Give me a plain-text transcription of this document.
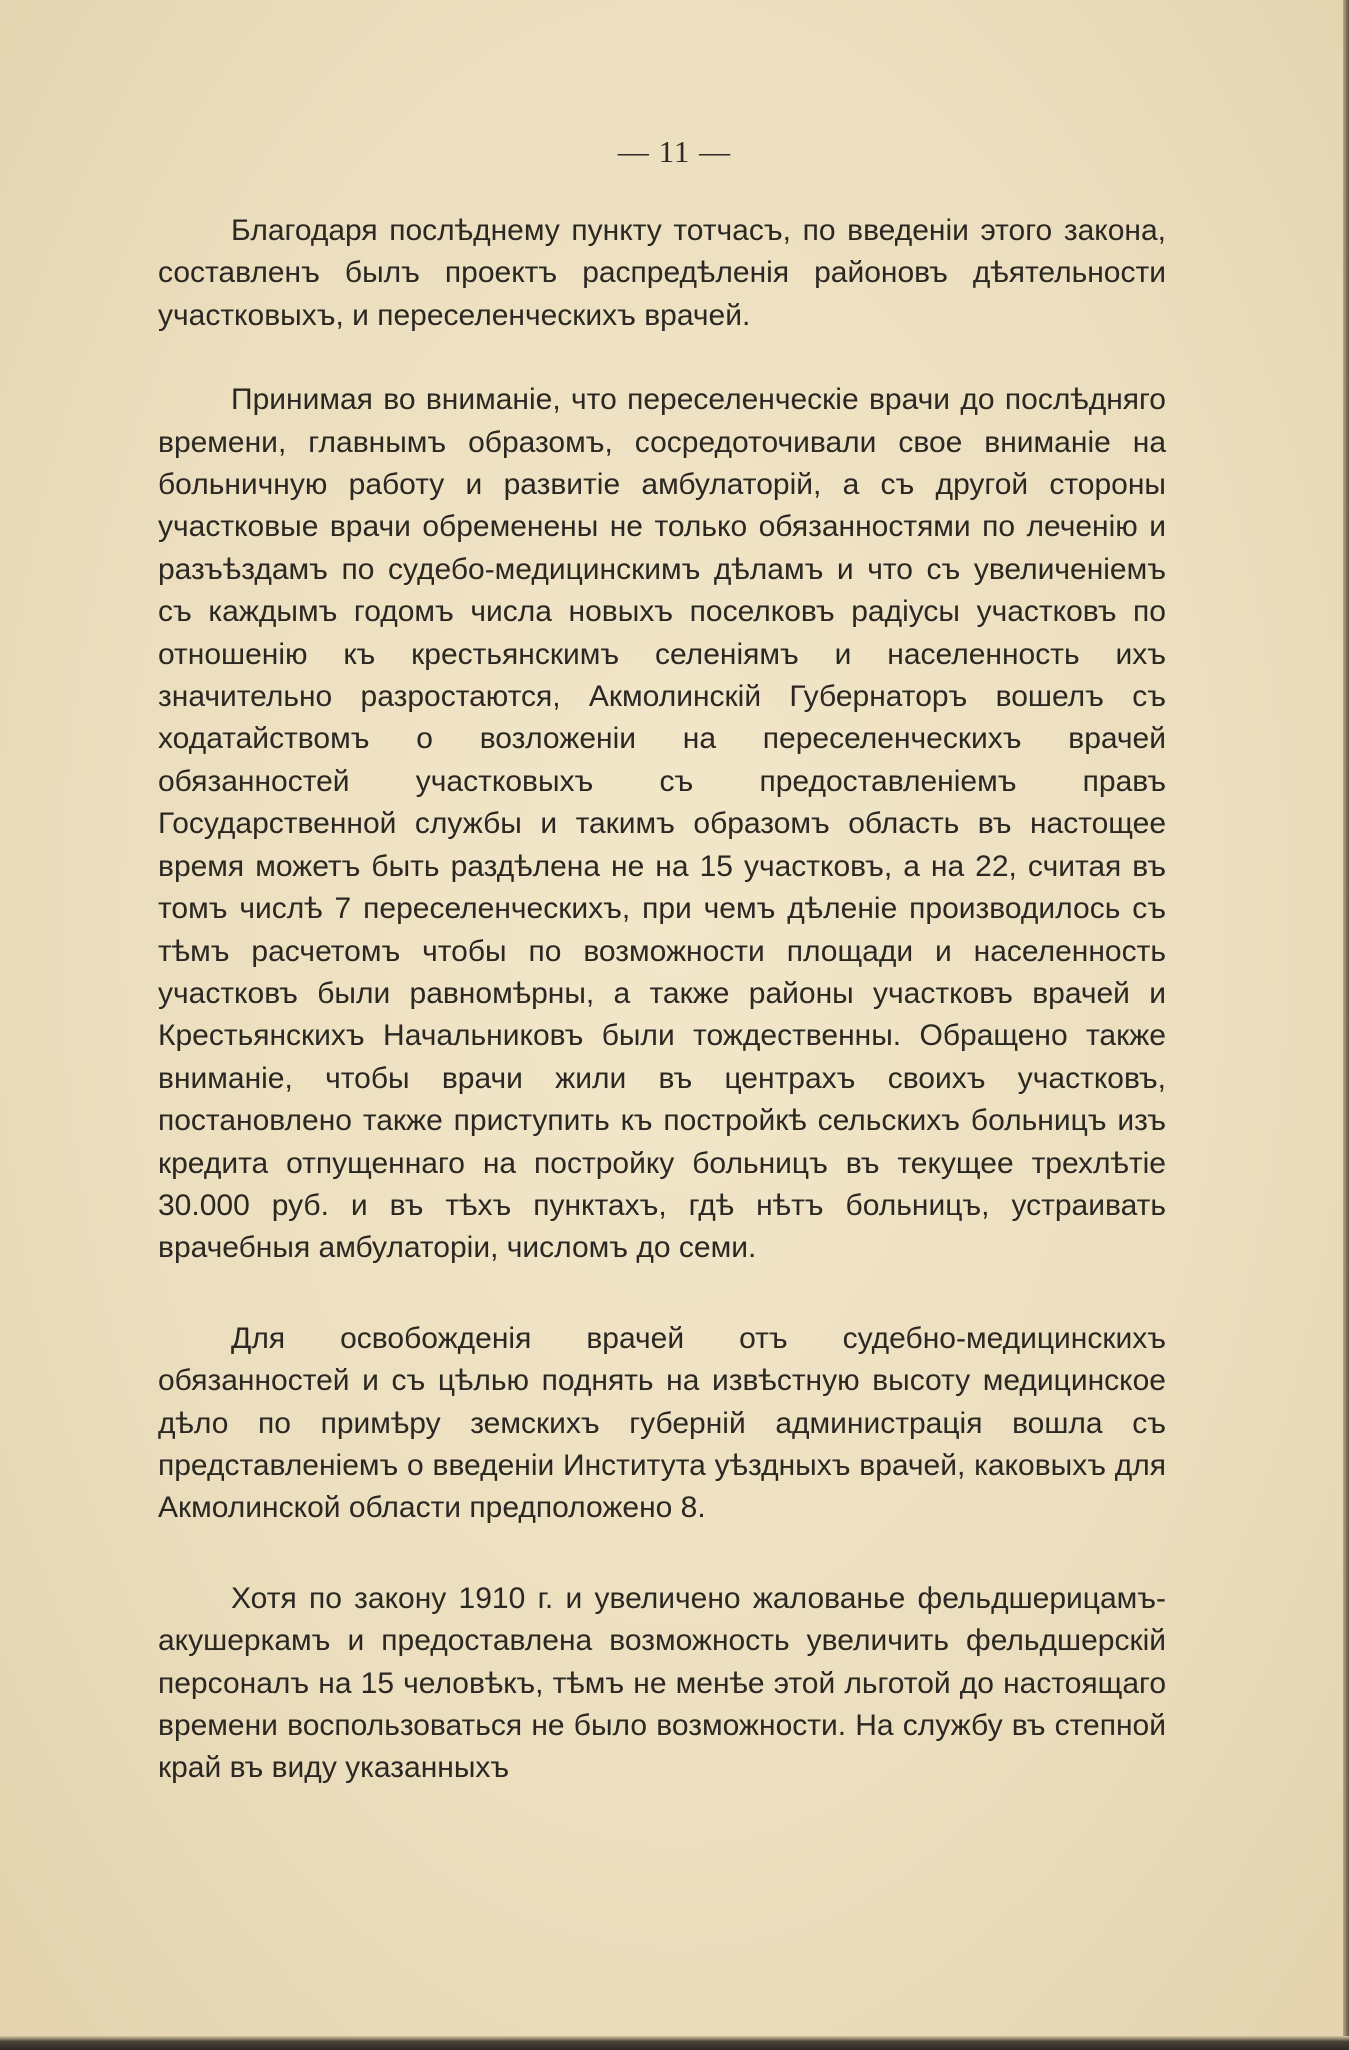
— 11 —

Благодаря послѣднему пункту тотчасъ, по введенiи этого закона, составленъ былъ проектъ распредѣленiя районовъ дѣятельности участковыхъ, и переселенческихъ врачей.

Принимая во вниманiе, что переселенческiе врачи до послѣдняго времени, главнымъ образомъ, сосредоточивали свое вниманiе на больничную работу и развитiе амбулаторiй, а съ другой стороны участковые врачи обременены не только обязанностями по леченiю и разъѣздамъ по судебо-медицинскимъ дѣламъ и что съ увеличенiемъ съ каждымъ годомъ числа новыхъ поселковъ радiусы участковъ по отношенiю къ крестьянскимъ селенiямъ и населенность ихъ значительно разростаются, Акмолинскiй Губернаторъ вошелъ съ ходатайствомъ о возложенiи на переселенческихъ врачей обязанностей участковыхъ съ предоставленiемъ правъ Государственной службы и такимъ образомъ область въ настощее время можетъ быть раздѣлена не на 15 участковъ, а на 22, считая въ томъ числѣ 7 переселенческихъ, при чемъ дѣленiе производилось съ тѣмъ расчетомъ чтобы по возможности площади и населенность участковъ были равномѣрны, а также районы участковъ врачей и Крестьянскихъ Начальниковъ были тождественны. Обращено также вниманiе, чтобы врачи жили въ центрахъ своихъ участковъ, постановлено также приступить къ постройкѣ сельскихъ больницъ изъ кредита отпущеннаго на постройку больницъ въ текущее трехлѣтiе 30.000 руб. и въ тѣхъ пунктахъ, гдѣ нѣтъ больницъ, устраивать врачебныя амбулаторiи, числомъ до семи.

Для освобожденiя врачей отъ судебно-медицинскихъ обязанностей и съ цѣлью поднять на извѣстную высоту медицинское дѣло по примѣру земскихъ губернiй администрацiя вошла съ представленiемъ о введенiи Института уѣздныхъ врачей, каковыхъ для Акмолинской области предположено 8.

Хотя по закону 1910 г. и увеличено жалованье фельдшерицамъ-акушеркамъ и предоставлена возможность увеличить фельдшерскiй персоналъ на 15 человѣкъ, тѣмъ не менѣе этой льготой до настоящаго времени воспользоваться не было возможности. На службу въ степной край въ виду указанныхъ
